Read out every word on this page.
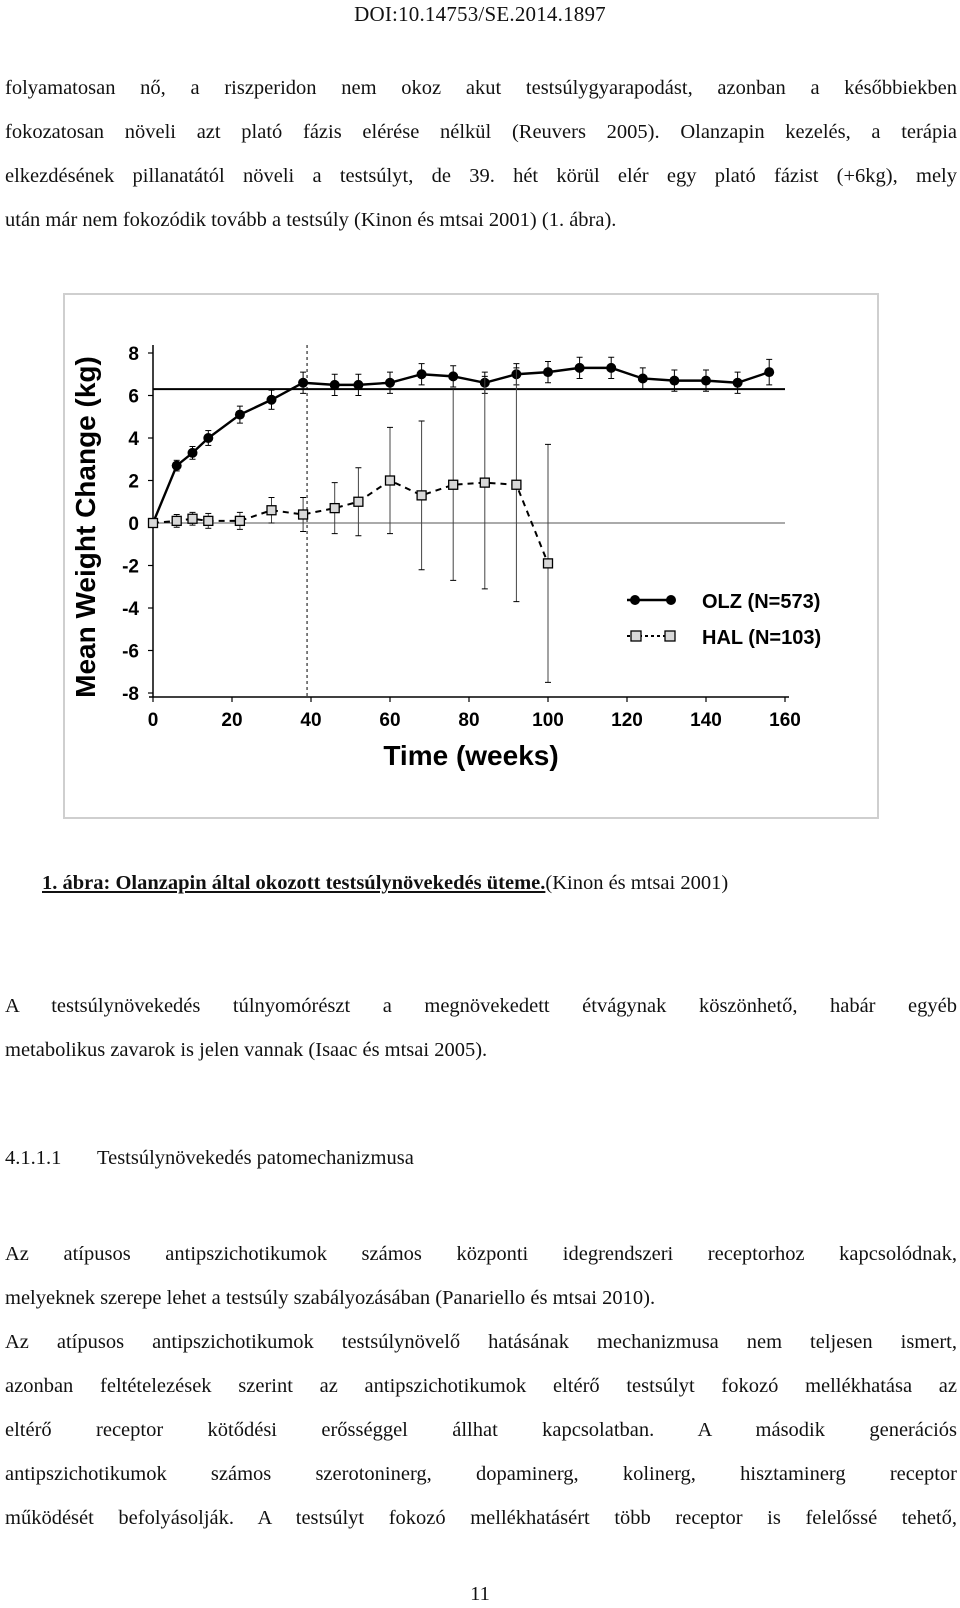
DOI:10.14753/SE.2014.1897
folyamatosan nő, a riszperidon nem okoz akut testsúlygyarapodást, azonban a későbbiekben
fokozatosan növeli azt plató fázis elérése nélkül (Reuvers 2005). Olanzapin kezelés, a terápia
elkezdésének pillanatától növeli a testsúlyt, de 39. hét körül elér egy plató fázist (+6kg), mely
után már nem fokozódik tovább a testsúly (Kinon és mtsai 2001) (1. ábra).
8
6
4
2
0
-2
-4
-6
-8
0	20	40	60	80	100 120 140 160
Time (weeks)
Mean Weight Change (kg)	OLZ (N=573)
HAL (N=103)
1. ábra: Olanzapin által okozott testsúlynövekedés üteme.(Kinon és mtsai 2001)
A testsúlynövekedés túlnyomórészt a megnövekedett étvágynak köszönhető, habár egyéb
metabolikus zavarok is jelen vannak (Isaac és mtsai 2005).
4.1.1.1 Testsúlynövekedés patomechanizmusa
Az atípusos antipszichotikumok számos központi idegrendszeri receptorhoz kapcsolódnak,
melyeknek szerepe lehet a testsúly szabályozásában (Panariello és mtsai 2010).
Az atípusos antipszichotikumok testsúlynövelő hatásának mechanizmusa nem teljesen ismert,
azonban feltételezések szerint az antipszichotikumok eltérő testsúlyt fokozó mellékhatása az
eltérő receptor kötődési erősséggel állhat kapcsolatban. A második generációs
antipszichotikumok számos szerotoninerg, dopaminerg, kolinerg, hisztaminerg receptor
működését befolyásolják. A testsúlyt fokozó mellékhatásért több receptor is felelőssé tehető,
11
